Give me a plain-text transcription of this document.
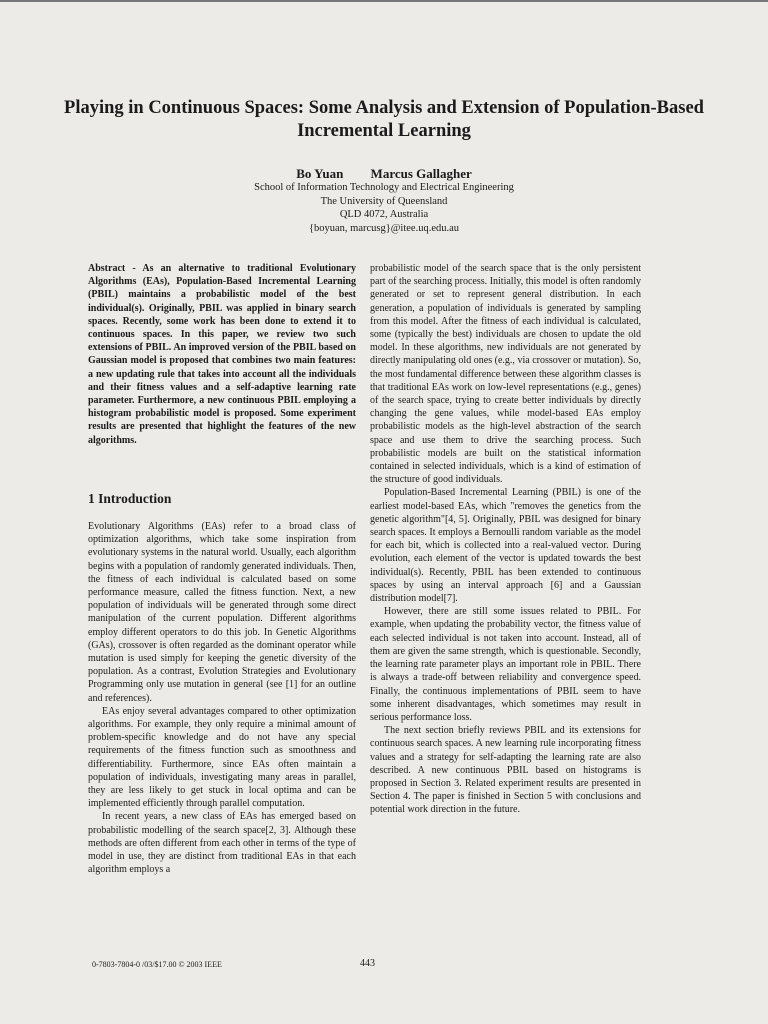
Playing in Continuous Spaces: Some Analysis and Extension of Population-Based Incremental Learning
Bo Yuan Marcus Gallagher
School of Information Technology and Electrical Engineering
The University of Queensland
QLD 4072, Australia
{boyuan, marcusg}@itee.uq.edu.au

Abstract - As an alternative to traditional Evolutionary Algorithms (EAs), Population-Based Incremental Learning (PBIL) maintains a probabilistic model of the best individual(s). Originally, PBIL was applied in binary search spaces. Recently, some work has been done to extend it to continuous spaces. In this paper, we review two such extensions of PBIL. An improved version of the PBIL based on Gaussian model is proposed that combines two main features: a new updating rule that takes into account all the individuals and their fitness values and a self-adaptive learning rate parameter. Furthermore, a new continuous PBIL employing a histogram probabilistic model is proposed. Some experiment results are presented that highlight the features of the new algorithms.

1 Introduction

Evolutionary Algorithms (EAs) refer to a broad class of optimization algorithms, which take some inspiration from evolutionary systems in the natural world. Usually, each algorithm begins with a population of randomly generated individuals. Then, the fitness of each individual is calculated based on some performance measure, called the fitness function. Next, a new population of individuals will be generated through some direct manipulation of the current population. Different algorithms employ different operators to do this job. In Genetic Algorithms (GAs), crossover is often regarded as the dominant operator while mutation is used simply for keeping the genetic diversity of the population. As a contrast, Evolution Strategies and Evolutionary Programming only use mutation in general (see [1] for an outline and references).

EAs enjoy several advantages compared to other optimization algorithms. For example, they only require a minimal amount of problem-specific knowledge and do not have any special requirements of the fitness function such as smoothness and differentiability. Furthermore, since EAs often maintain a population of individuals, investigating many areas in parallel, they are less likely to get stuck in local optima and can be implemented efficiently through parallel computation.

In recent years, a new class of EAs has emerged based on probabilistic modelling of the search space[2, 3]. Although these methods are often different from each other in terms of the type of model in use, they are distinct from traditional EAs in that each algorithm employs a

probabilistic model of the search space that is the only persistent part of the searching process. Initially, this model is often randomly generated or set to represent general distribution. In each generation, a population of individuals is generated by sampling from this model. After the fitness of each individual is calculated, some (typically the best) individuals are chosen to update the old model. In these algorithms, new individuals are not generated by directly manipulating old ones (e.g., via crossover or mutation). So, the most fundamental difference between these algorithm classes is that traditional EAs work on low-level representations (e.g., genes) of the search space, trying to create better individuals by directly changing the gene values, while model-based EAs employ probabilistic models as the high-level abstraction of the search space and use them to drive the searching process. Such probabilistic models are built on the statistical information contained in selected individuals, which is a kind of estimation of the structure of good individuals.

Population-Based Incremental Learning (PBIL) is one of the earliest model-based EAs, which "removes the genetics from the genetic algorithm"[4, 5]. Originally, PBIL was designed for binary search spaces. It employs a Bernoulli random variable as the model for each bit, which is collected into a real-valued vector. During evolution, each element of the vector is updated towards the best individual(s). Recently, PBIL has been extended to continuous spaces by using an interval approach [6] and a Gaussian distribution model[7].

However, there are still some issues related to PBIL. For example, when updating the probability vector, the fitness value of each selected individual is not taken into account. Instead, all of them are given the same strength, which is questionable. Secondly, the learning rate parameter plays an important role in PBIL. There is always a trade-off between reliability and convergence speed. Finally, the continuous implementations of PBIL seem to have some inherent disadvantages, which sometimes may result in serious performance loss.

The next section briefly reviews PBIL and its extensions for continuous search spaces. A new learning rule incorporating fitness values and a strategy for self-adapting the learning rate are also described. A new continuous PBIL based on histograms is proposed in Section 3. Related experiment results are presented in Section 4. The paper is finished in Section 5 with conclusions and potential work direction in the future.

0-7803-7804-0 /03/$17.00 © 2003 IEEE	443
